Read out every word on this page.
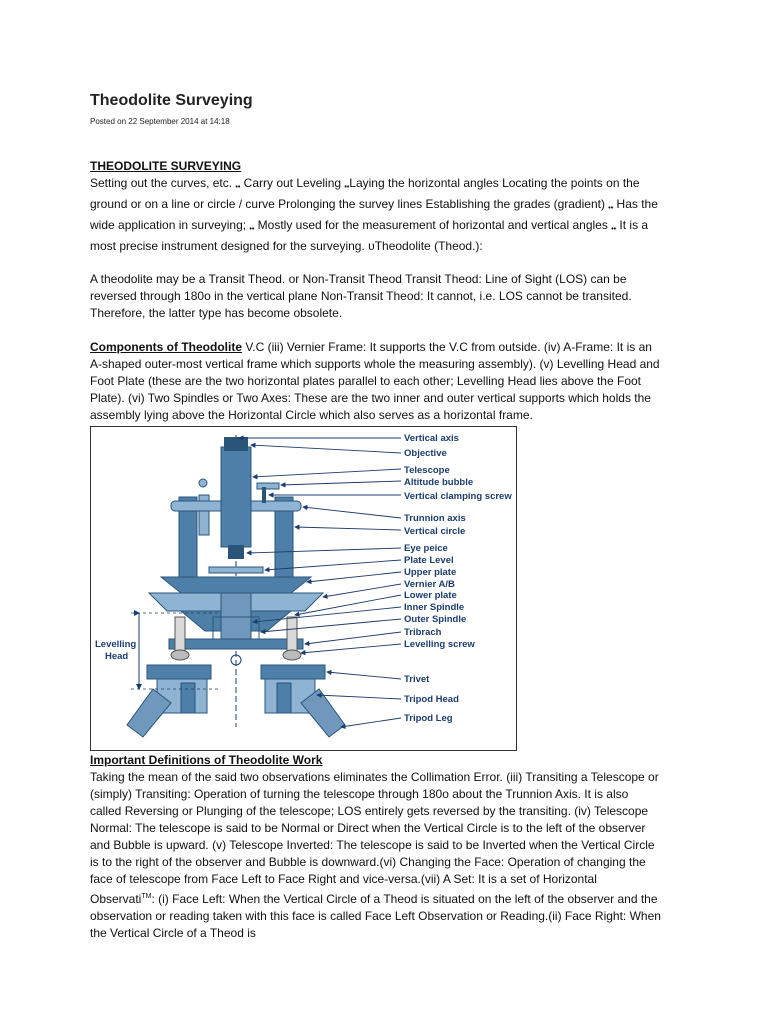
Theodolite Surveying
Posted on 22 September 2014 at 14:18

THEODOLITE SURVEYING

Setting out the curves, etc. •• Carry out Leveling ••Laying the horizontal angles Locating the points on the ground or on a line or circle / curve Prolonging the survey lines Establishing the grades (gradient) •• Has the wide application in surveying; •• Mostly used for the measurement of horizontal and vertical angles •• It is a most precise instrument designed for the surveying. υTheodolite (Theod.):

A theodolite may be a Transit Theod. or Non-Transit Theod Transit Theod: Line of Sight (LOS) can be reversed through 180o in the vertical plane Non-Transit Theod: It cannot, i.e. LOS cannot be transited. Therefore, the latter type has become obsolete.

Components of Theodolite V.C (iii) Vernier Frame: It supports the V.C from outside. (iv) A-Frame: It is an A-shaped outer-most vertical frame which supports whole the measuring assembly). (v) Levelling Head and Foot Plate (these are the two horizontal plates parallel to each other; Levelling Head lies above the Foot Plate). (vi) Two Spindles or Two Axes: These are the two inner and outer vertical supports which holds the assembly lying above the Horizontal Circle which also serves as a horizontal frame.

Levelling
Head
Vertical axis
Objective
Telescope
Altitude bubble
Vertical clamping screw
Trunnion axis
Vertical circle
Eye peice
Plate Level
Upper plate
Vernier A/B
Lower plate
Inner Spindle
Outer Spindle
Tribrach
Levelling screw
Trivet
Tripod Head
Tripod Leg

Important Definitions of Theodolite Work

Taking the mean of the said two observations eliminates the Collimation Error. (iii) Transiting a Telescope or (simply) Transiting: Operation of turning the telescope through 180o about the Trunnion Axis. It is also called Reversing or Plunging of the telescope; LOS entirely gets reversed by the transiting. (iv) Telescope Normal: The telescope is said to be Normal or Direct when the Vertical Circle is to the left of the observer and Bubble is upward. (v) Telescope Inverted: The telescope is said to be Inverted when the Vertical Circle is to the right of the observer and Bubble is downward.(vi) Changing the Face: Operation of changing the face of telescope from Face Left to Face Right and vice-versa.(vii) A Set: It is a set of Horizontal Observati™: (i) Face Left: When the Vertical Circle of a Theod is situated on the left of the observer and the observation or reading taken with this face is called Face Left Observation or Reading.(ii) Face Right: When the Vertical Circle of a Theod is
